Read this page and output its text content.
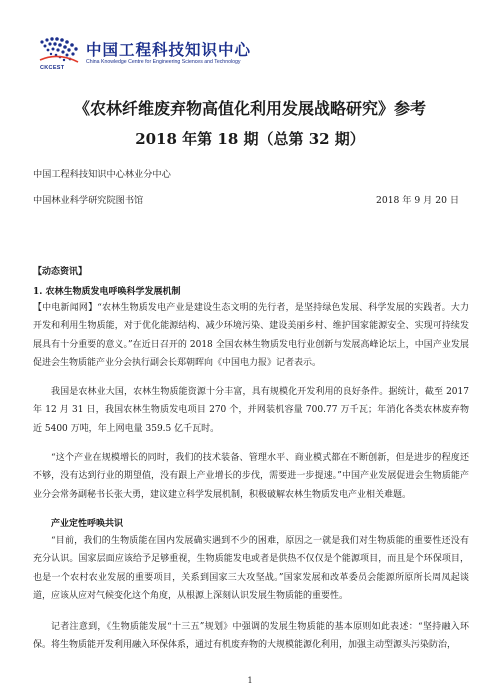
中国工程科技知识中心
China Knowledge Centre for Engineering Sciences and Technology
CKCEST
《农林纤维废弃物高值化利用发展战略研究》参考
2018 年第 18 期（总第 32 期）
中国工程科技知识中心林业分中心
中国林业科学研究院图书馆	2018 年 9 月 20 日
【动态资讯】
1. 农林生物质发电呼唤科学发展机制
【中电新闻网】“农林生物质发电产业是建设生态文明的先行者，是坚持绿色发展、科学发展的实践者。大力开发和利用生物质能，对于优化能源结构、减少环境污染、建设美丽乡村、维护国家能源安全、实现可持续发展具有十分重要的意义。”在近日召开的 2018 全国农林生物质发电行业创新与发展高峰论坛上，中国产业发展促进会生物质能产业分会执行副会长郑朝晖向《中国电力报》记者表示。
我国是农林业大国，农林生物质能资源十分丰富，具有规模化开发利用的良好条件。据统计，截至 2017 年 12 月 31 日，我国农林生物质发电项目 270 个，并网装机容量 700.77 万千瓦；年消化各类农林废弃物近 5400 万吨，年上网电量 359.5 亿千瓦时。
“这个产业在规模增长的同时，我们的技术装备、管理水平、商业模式都在不断创新，但是进步的程度还不够，没有达到行业的期望值，没有跟上产业增长的步伐，需要进一步提速。”中国产业发展促进会生物质能产业分会常务副秘书长张大勇，建议建立科学发展机制，积极破解农林生物质发电产业相关难题。
产业定性呼唤共识
“目前，我们的生物质能在国内发展确实遇到不少的困难，原因之一就是我们对生物质能的重要性还没有充分认识。国家层面应该给予足够重视，生物质能发电或者是供热不仅仅是个能源项目，而且是个环保项目，也是一个农村农业发展的重要项目，关系到国家三大攻坚战。”国家发展和改革委员会能源所原所长周凤起谈道，应该从应对气候变化这个角度，从根源上深刻认识发展生物质能的重要性。
记者注意到，《生物质能发展“十三五”规划》中强调的发展生物质能的基本原则如此表述：“坚持融入环保。将生物质能开发利用融入环保体系，通过有机废弃物的大规模能源化利用，加强主动型源头污染防治，
1
